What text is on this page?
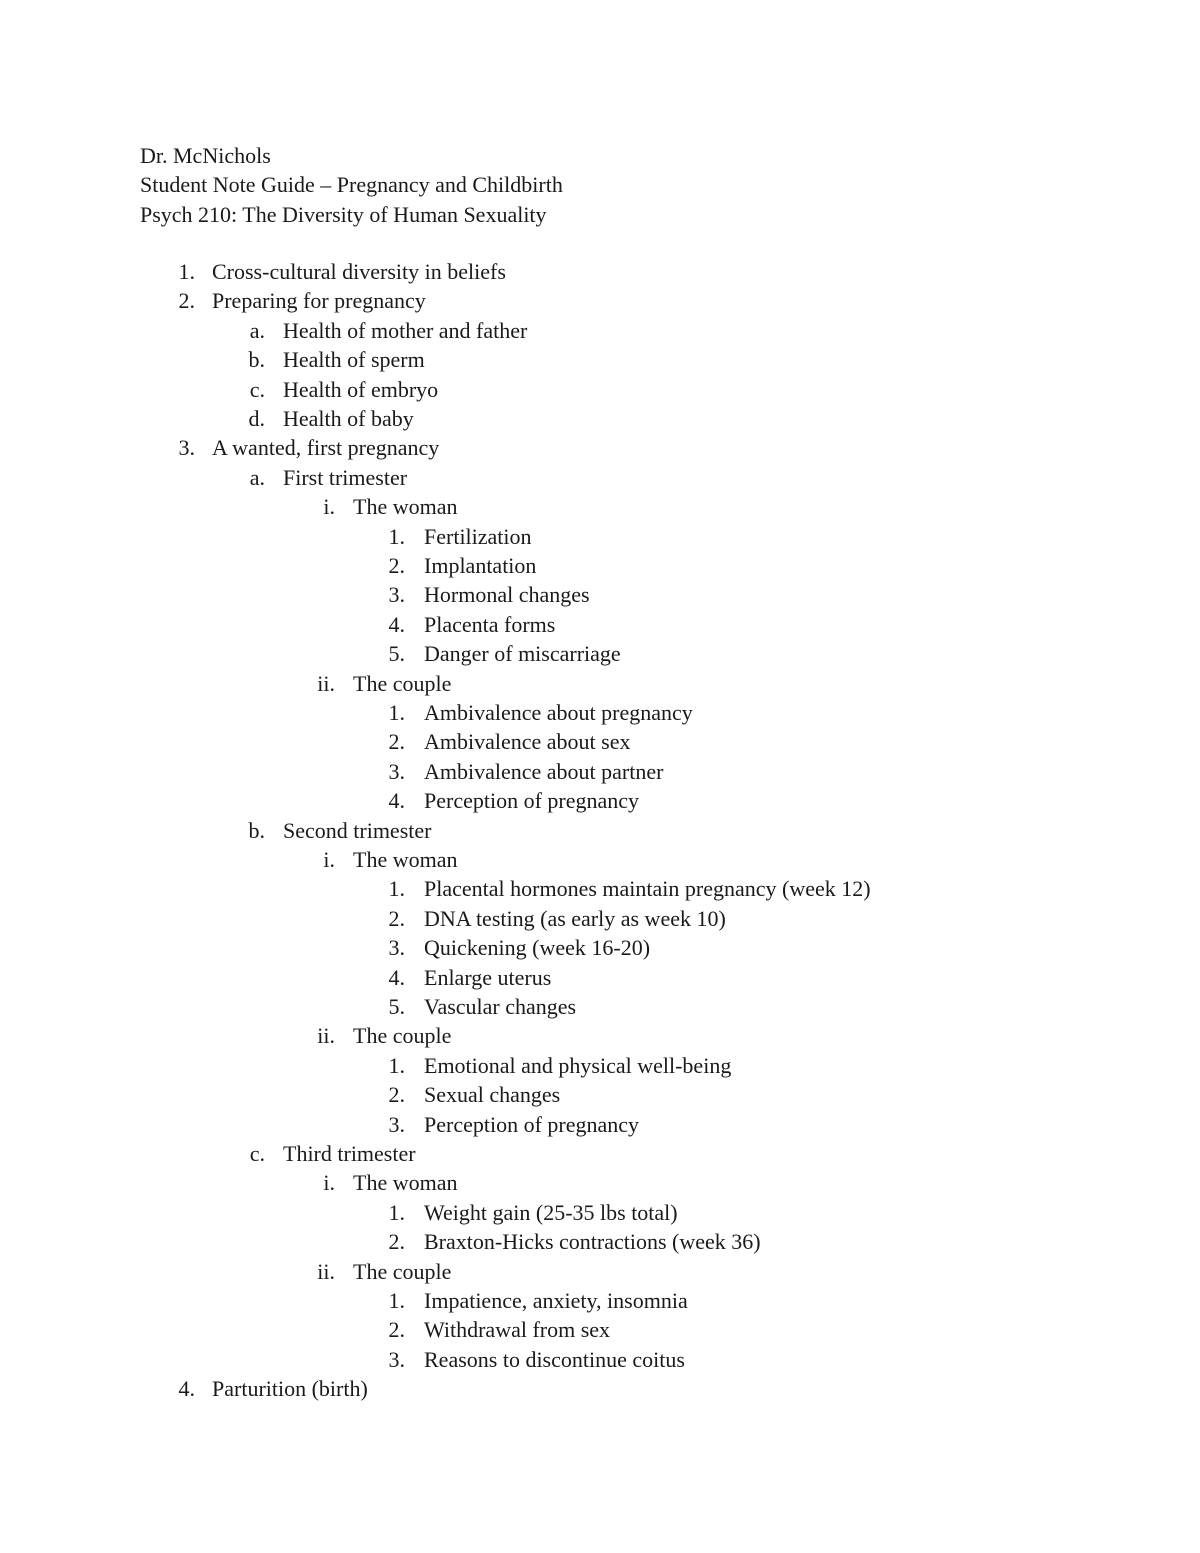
Dr. McNichols
Student Note Guide – Pregnancy and Childbirth
Psych 210: The Diversity of Human Sexuality
1. Cross-cultural diversity in beliefs
2. Preparing for pregnancy
a. Health of mother and father
b. Health of sperm
c. Health of embryo
d. Health of baby
3. A wanted, first pregnancy
a. First trimester
i. The woman
1. Fertilization
2. Implantation
3. Hormonal changes
4. Placenta forms
5. Danger of miscarriage
ii. The couple
1. Ambivalence about pregnancy
2. Ambivalence about sex
3. Ambivalence about partner
4. Perception of pregnancy
b. Second trimester
i. The woman
1. Placental hormones maintain pregnancy (week 12)
2. DNA testing (as early as week 10)
3. Quickening (week 16-20)
4. Enlarge uterus
5. Vascular changes
ii. The couple
1. Emotional and physical well-being
2. Sexual changes
3. Perception of pregnancy
c. Third trimester
i. The woman
1. Weight gain (25-35 lbs total)
2. Braxton-Hicks contractions (week 36)
ii. The couple
1. Impatience, anxiety, insomnia
2. Withdrawal from sex
3. Reasons to discontinue coitus
4. Parturition (birth)
